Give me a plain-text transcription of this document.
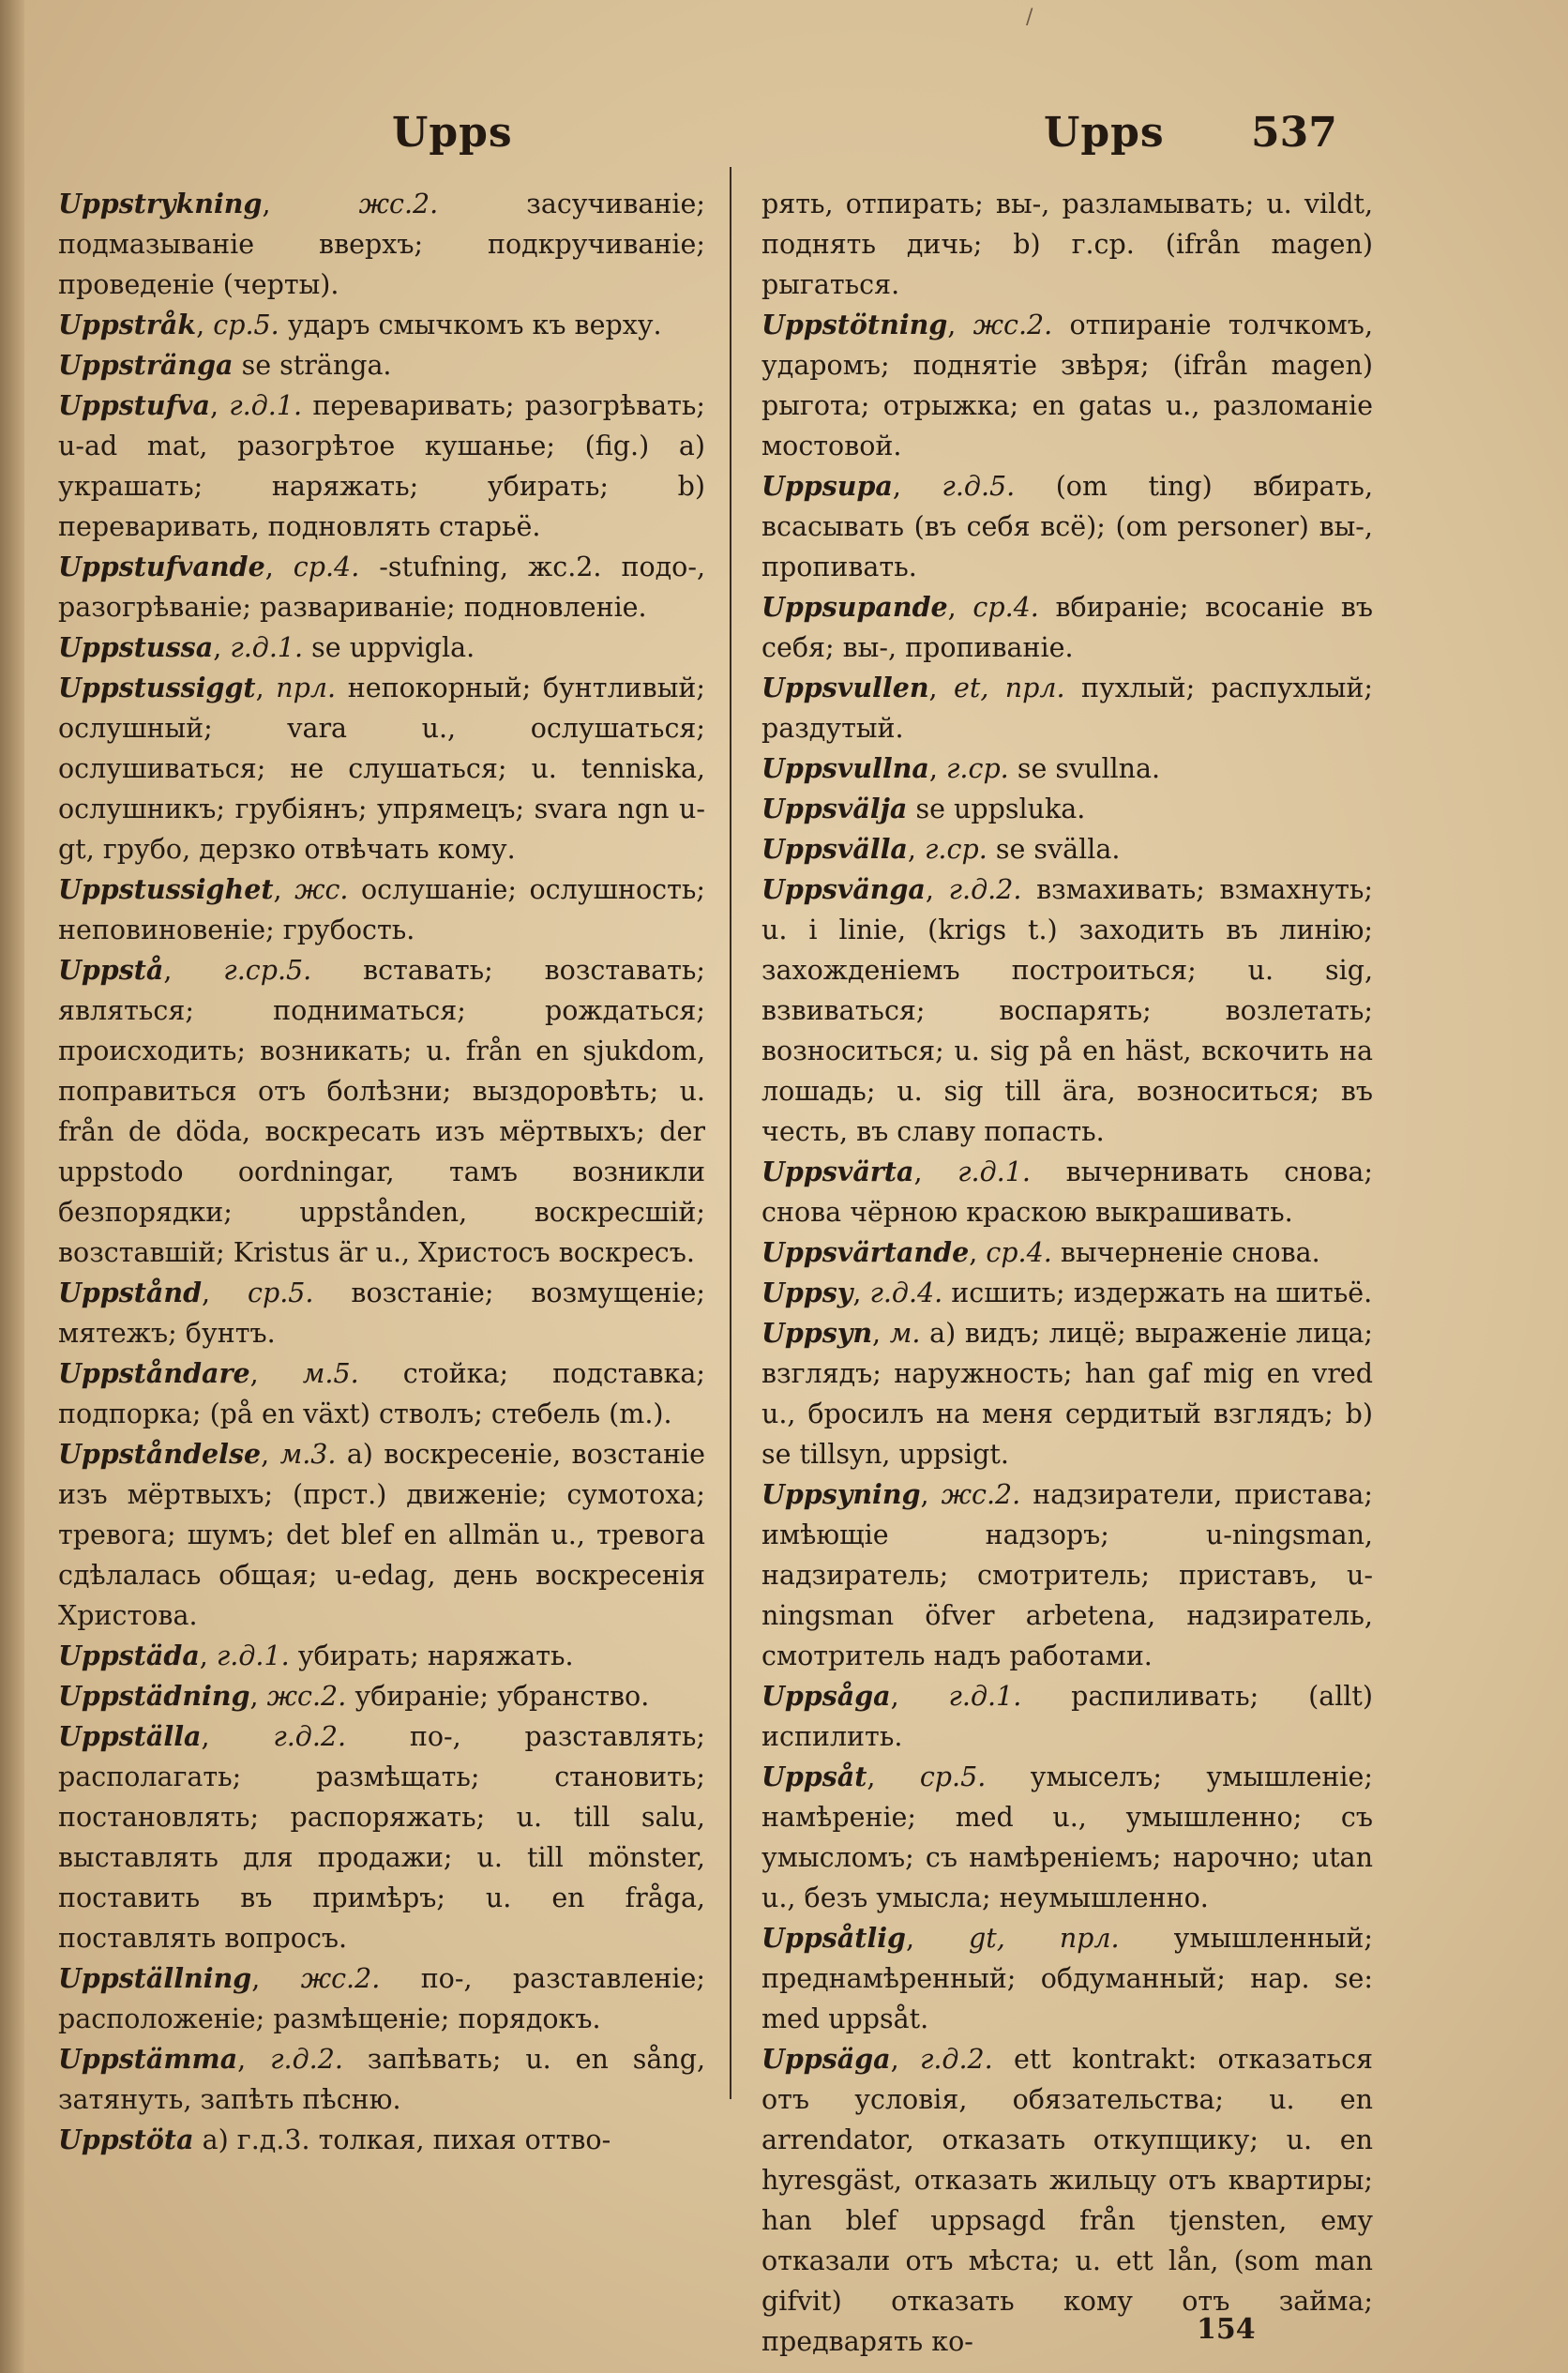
/
Upps	Upps 537

Uppstrykning, жс.2.	засучиваніе; подмазываніе вверхъ; подкручиваніе; проведеніе (черты).

Uppstråk, ср.5. ударъ смычкомъ къ верху.

Uppstränga se stränga.

Uppstufva, г.д.1. переваривать; разогрѣвать; u-ad mat, разогрѣтое кушанье; (fig.) a) украшать; наряжать; убирать; b) переваривать, подновлять старьё.

Uppstufvande, ср.4. -stufning, жс.2. подо-, разогрѣваніе; развариваніе; подновленіе.

Uppstussa, г.д.1. se uppvigla.

Uppstussiggt, прл. непокорный; бунтливый; ослушный; vara u., ослушаться; ослушиваться; не слушаться; u. tenniska, ослушникъ; грубіянъ; упрямецъ; svara ngn u-gt, грубо, дерзко отвѣчать кому.

Uppstussighet, жс. ослушаніе; ослушность; неповиновеніе; грубость.

Uppstå, г.ср.5. вставать; возставать; являться; подниматься; рождаться; происходить; возникать; u. från en sjukdom, поправиться отъ болѣзни; выздоровѣть; u. från de döda, воскресать изъ мёртвыхъ; der uppstodo oordningar, тамъ возникли безпорядки; uppstånden, воскресшій; возставшій; Kristus är u., Христосъ воскресъ.

Uppstånd, ср.5. возстаніе; возмущеніе; мятежъ; бунтъ.

Uppståndare, м.5. стойка; подставка; подпорка; (på en växt) стволъ; стебель (m.).

Uppståndelse, м.3. a) воскресеніе, возстаніе изъ мёртвыхъ; (прст.) движеніе; сумотоха; тревога; шумъ; det blef en allmän u., тревога сдѣлалась общая; u-edag, день воскресенія Христова.

Uppstäda, г.д.1. убирать; наряжать.

Uppstädning, жс.2. убираніе; убранство.

Uppställa, г.д.2. по-, разставлять; располагать; размѣщать; становить; постановлять; распоряжать; u. till salu, выставлять для продажи; u. till mönster, поставить въ примѣръ; u. en fråga, поставлять вопросъ.

Uppställning, жс.2. по-, разставленіе; расположеніе; размѣщеніе; порядокъ.

Uppstämma, г.д.2. запѣвать; u. en sång, затянуть, запѣть пѣсню.

Uppstöta a) г.д.3. толкая, пихая оттво-

рять, отпирать; вы-, разламывать; u. vildt, поднять дичь; b) г.ср. (ifrån magen) рыгаться.

Uppstötning, жс.2. отпираніе толчкомъ, ударомъ; поднятіе звѣря; (ifrån magen) рыгота; отрыжка; en gatas u., разломаніе мостовой.

Uppsupa, г.д.5. (om ting) вбирать, всасывать (въ себя всё); (om personer) вы-, пропивать.

Uppsupande, ср.4. вбираніе; всосаніе въ себя; вы-, пропиваніе.

Uppsvullen, et, прл. пухлый; распухлый; раздутый.

Uppsvullna, г.ср. se svullna.

Uppsvälja se uppsluka.

Uppsvälla, г.ср. se svälla.

Uppsvänga, г.д.2. взмахивать; взмахнуть; u. i linie, (krigs t.) заходить въ линію; захожденіемъ построиться; u. sig, взвиваться; воспарять; возлетать; возноситься; u. sig på en häst, вскочить на лошадь; u. sig till ära, возноситься; въ честь, въ славу попасть.

Uppsvärta, г.д.1. вычернивать снова; снова чёрною краскою выкрашивать.

Uppsvärtande, ср.4. вычерненіе снова.

Uppsy, г.д.4. исшить; издержать на шитьё.

Uppsyn, м. a) видъ; лицё; выраженіе лица; взглядъ; наружность; han gaf mig en vred u., бросилъ на меня сердитый взглядъ; b) se tillsyn, uppsigt.

Uppsyning, жс.2. надзиратели, пристава; имѣющіе надзоръ; u-ningsman, надзиратель; смотритель; приставъ, u-ningsman öfver arbetena, надзиратель, смотритель надъ работами.

Uppsåga, г.д.1. распиливать; (allt) испилить.

Uppsåt, ср.5. умыселъ; умышленіе; намѣреніе; med u., умышленно; съ умысломъ; съ намѣреніемъ; нарочно; utan u., безъ умысла; неумышленно.

Uppsåtlig, gt, прл. умышленный; преднамѣренный; обдуманный; нар. se: med uppsåt.

Uppsäga, г.д.2. ett kontrakt: отказаться отъ условія, обязательства; u. en arrendator, отказать откупщику; u. en hyresgäst, отказать жильцу отъ квартиры; han blef uppsagd från tjensten, ему отказали отъ мѣста; u. ett lån, (som man gifvit) отказать кому отъ займа; предварять ко-	154
